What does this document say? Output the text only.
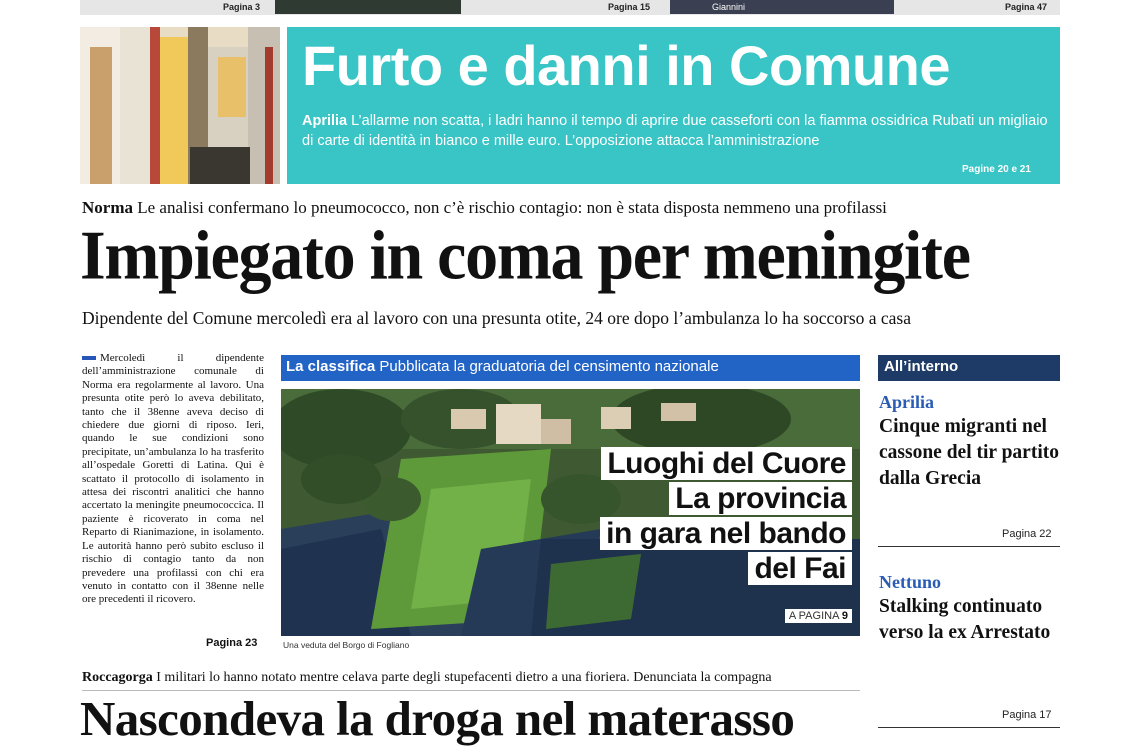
Pagina 3	Pagina 15	Giannini	Pagina 47
Furto e danni in Comune
Aprilia L’allarme non scatta, i ladri hanno il tempo di aprire due casseforti con la fiamma ossidrica Rubati un migliaio di carte di identità in bianco e mille euro. L’opposizione attacca l’amministrazione
Pagine 20 e 21
Norma Le analisi confermano lo pneumococco, non c’è rischio contagio: non è stata disposta nemmeno una profilassi
Impiegato in coma per meningite
Dipendente del Comune mercoledì era al lavoro con una presunta otite, 24 ore dopo l’ambulanza lo ha soccorso a casa
Mercoledì il dipendente dell’amministrazione comunale di Norma era regolarmente al lavoro. Una presunta otite però lo aveva debilitato, tanto che il 38enne aveva deciso di chiedere due giorni di riposo. Ieri, quando le sue condizioni sono precipitate, un’ambulanza lo ha trasferito all’ospedale Goretti di Latina. Qui è scattato il protocollo di isolamento in attesa dei riscontri analitici che hanno accertato la meningite pneumococcica. Il paziente è ricoverato in coma nel Reparto di Rianimazione, in isolamento. Le autorità hanno però subito escluso il rischio di contagio tanto da non prevedere una profilassi con chi era venuto in contatto con il 38enne nelle ore precedenti il ricovero.
Pagina 23
La classifica Pubblicata la graduatoria del censimento nazionale
Luoghi del Cuore
La provincia
in gara nel bando
del Fai
A PAGINA 9
Una veduta del Borgo di Fogliano
All’interno
Aprilia
Cinque migranti nel cassone del tir partito dalla Grecia
Pagina 22
Nettuno
Stalking continuato verso la ex Arrestato
Pagina 17
Roccagorga I militari lo hanno notato mentre celava parte degli stupefacenti dietro a una fioriera. Denunciata la compagna
Nascondeva la droga nel materasso
